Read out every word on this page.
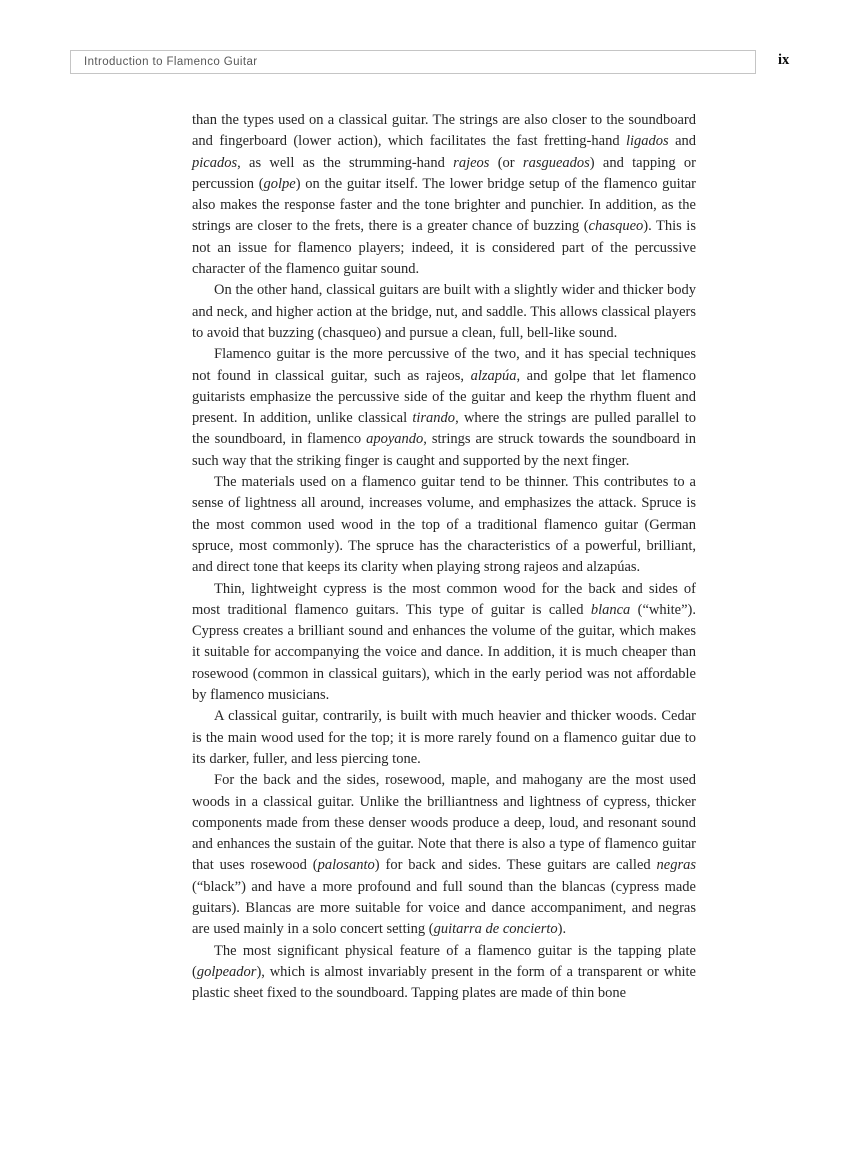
Introduction to Flamenco Guitar	ix

than the types used on a classical guitar. The strings are also closer to the soundboard and fingerboard (lower action), which facilitates the fast fretting-hand ligados and picados, as well as the strumming-hand rajeos (or rasgueados) and tapping or percussion (golpe) on the guitar itself. The lower bridge setup of the flamenco guitar also makes the response faster and the tone brighter and punchier. In addition, as the strings are closer to the frets, there is a greater chance of buzzing (chasqueo). This is not an issue for flamenco players; indeed, it is considered part of the percussive character of the flamenco guitar sound.

On the other hand, classical guitars are built with a slightly wider and thicker body and neck, and higher action at the bridge, nut, and saddle. This allows classical players to avoid that buzzing (chasqueo) and pursue a clean, full, bell-like sound.

Flamenco guitar is the more percussive of the two, and it has special techniques not found in classical guitar, such as rajeos, alzapúa, and golpe that let flamenco guitarists emphasize the percussive side of the guitar and keep the rhythm fluent and present. In addition, unlike classical tirando, where the strings are pulled parallel to the soundboard, in flamenco apoyando, strings are struck towards the soundboard in such way that the striking finger is caught and supported by the next finger.

The materials used on a flamenco guitar tend to be thinner. This contributes to a sense of lightness all around, increases volume, and emphasizes the attack. Spruce is the most common used wood in the top of a traditional flamenco guitar (German spruce, most commonly). The spruce has the characteristics of a powerful, brilliant, and direct tone that keeps its clarity when playing strong rajeos and alzapúas.

Thin, lightweight cypress is the most common wood for the back and sides of most traditional flamenco guitars. This type of guitar is called blanca (“white”). Cypress creates a brilliant sound and enhances the volume of the guitar, which makes it suitable for accompanying the voice and dance. In addition, it is much cheaper than rosewood (common in classical guitars), which in the early period was not affordable by flamenco musicians.

A classical guitar, contrarily, is built with much heavier and thicker woods. Cedar is the main wood used for the top; it is more rarely found on a flamenco guitar due to its darker, fuller, and less piercing tone.

For the back and the sides, rosewood, maple, and mahogany are the most used woods in a classical guitar. Unlike the brilliantness and lightness of cypress, thicker components made from these denser woods produce a deep, loud, and resonant sound and enhances the sustain of the guitar. Note that there is also a type of flamenco guitar that uses rosewood (palosanto) for back and sides. These guitars are called negras (“black”) and have a more profound and full sound than the blancas (cypress made guitars). Blancas are more suitable for voice and dance accompaniment, and negras are used mainly in a solo concert setting (guitarra de concierto).

The most significant physical feature of a flamenco guitar is the tapping plate (golpeador), which is almost invariably present in the form of a transparent or white plastic sheet fixed to the soundboard. Tapping plates are made of thin bone
